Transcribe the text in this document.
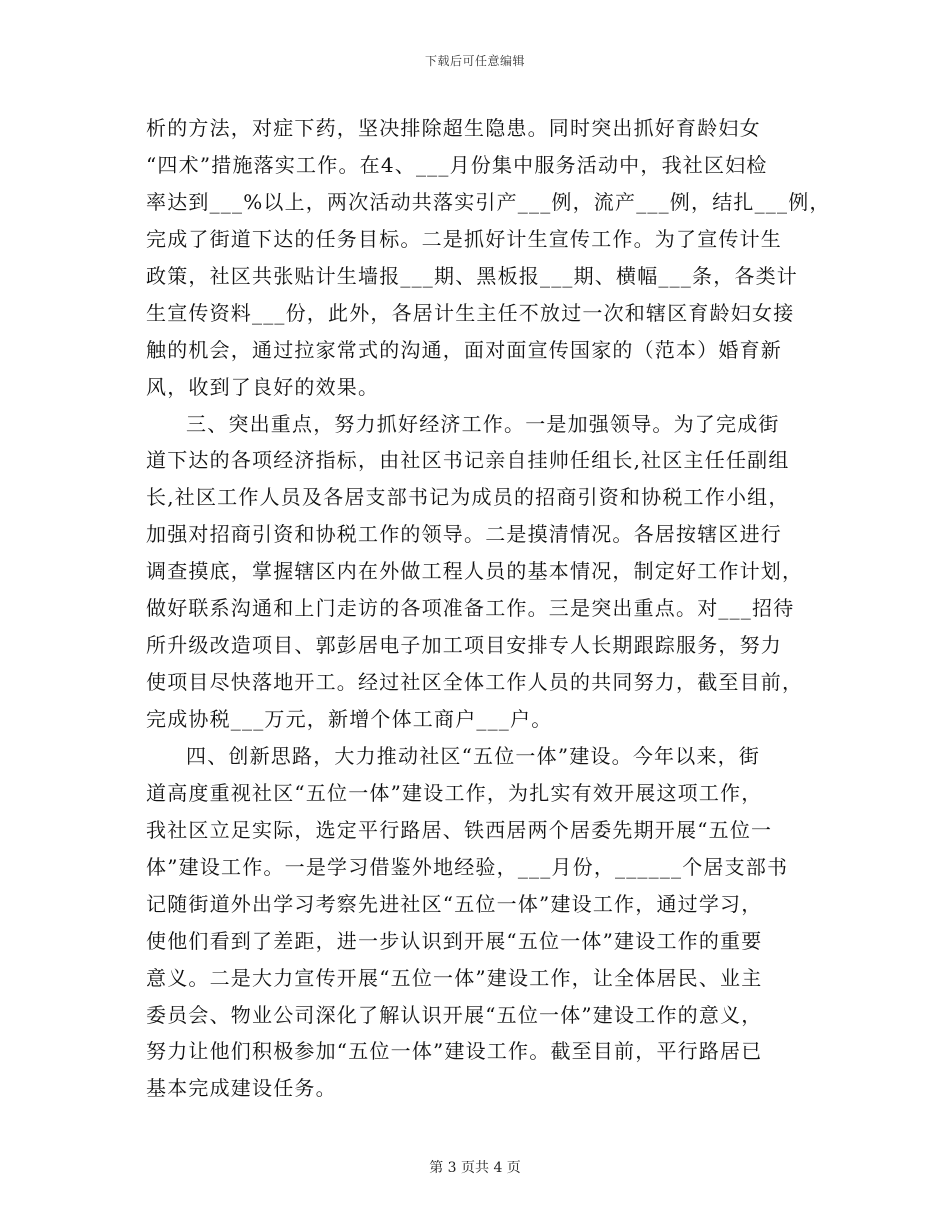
下载后可任意编辑
析的方法，对症下药，坚决排除超生隐患。同时突出抓好育龄妇女
“四术”措施落实工作。在4、___月份集中服务活动中，我社区妇检
率达到___%以上，两次活动共落实引产___例，流产___例，结扎___例，
完成了街道下达的任务目标。二是抓好计生宣传工作。为了宣传计生
政策，社区共张贴计生墙报___期、黑板报___期、横幅___条，各类计
生宣传资料___份，此外，各居计生主任不放过一次和辖区育龄妇女接
触的机会，通过拉家常式的沟通，面对面宣传国家的（范本）婚育新
风，收到了良好的效果。
三、突出重点，努力抓好经济工作。一是加强领导。为了完成街
道下达的各项经济指标，由社区书记亲自挂帅任组长,社区主任任副组
长,社区工作人员及各居支部书记为成员的招商引资和协税工作小组，
加强对招商引资和协税工作的领导。二是摸清情况。各居按辖区进行
调查摸底，掌握辖区内在外做工程人员的基本情况，制定好工作计划，
做好联系沟通和上门走访的各项准备工作。三是突出重点。对___招待
所升级改造项目、郭彭居电子加工项目安排专人长期跟踪服务，努力
使项目尽快落地开工。经过社区全体工作人员的共同努力，截至目前，
完成协税___万元，新增个体工商户___户。
四、创新思路，大力推动社区“五位一体”建设。今年以来，街
道高度重视社区“五位一体”建设工作，为扎实有效开展这项工作，
我社区立足实际，选定平行路居、铁西居两个居委先期开展“五位一
体”建设工作。一是学习借鉴外地经验，___月份，______个居支部书
记随街道外出学习考察先进社区“五位一体”建设工作，通过学习，
使他们看到了差距，进一步认识到开展“五位一体”建设工作的重要
意义。二是大力宣传开展“五位一体”建设工作，让全体居民、业主
委员会、物业公司深化了解认识开展“五位一体”建设工作的意义，
努力让他们积极参加“五位一体”建设工作。截至目前，平行路居已
基本完成建设任务。
第 3 页共 4 页
